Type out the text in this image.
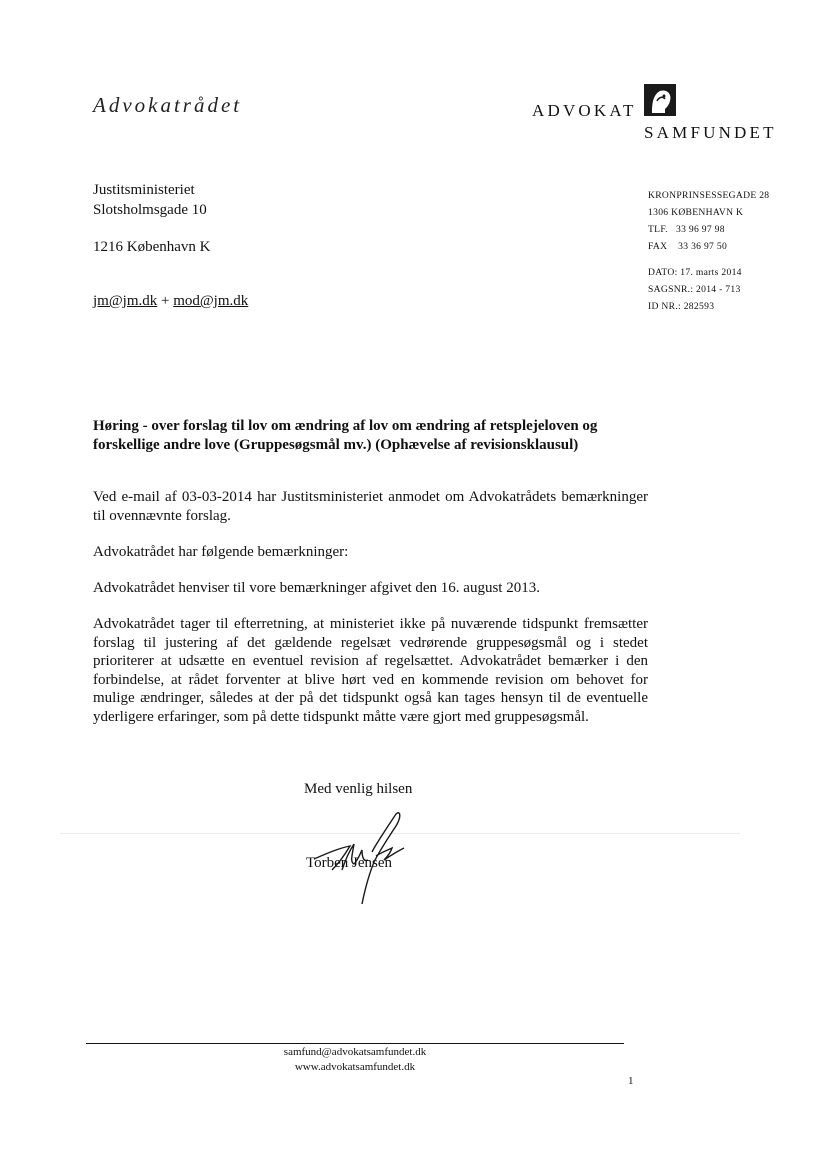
Advokatrådet	ADVOKAT
SAMFUNDET
Justitsministeriet
Slotsholmsgade 10
1216 København K
jm@jm.dk + mod@jm.dk
KRONPRINSESSEGADE 28
1306 KØBENHAVN K
TLF.   33 96 97 98
FAX    33 36 97 50
DATO: 17. marts 2014
SAGSNR.: 2014 - 713
ID NR.: 282593
Høring - over forslag til lov om ændring af lov om ændring af retsplejeloven og forskellige andre love (Gruppesøgsmål mv.) (Ophævelse af revisionsklausul)
Ved e-mail af 03-03-2014 har Justitsministeriet anmodet om Advokatrådets bemærkninger til ovennævnte forslag.
Advokatrådet har følgende bemærkninger:
Advokatrådet henviser til vore bemærkninger afgivet den 16. august 2013.
Advokatrådet tager til efterretning, at ministeriet ikke på nuværende tidspunkt fremsætter forslag til justering af det gældende regelsæt vedrørende gruppesøgsmål og i stedet prioriterer at udsætte en eventuel revision af regelsættet. Advokatrådet bemærker i den forbindelse, at rådet forventer at blive hørt ved en kommende revision om behovet for mulige ændringer, således at der på det tidspunkt også kan tages hensyn til de eventuelle yderligere erfaringer, som på dette tidspunkt måtte være gjort med gruppesøgsmål.
Med venlig hilsen
Torben Jensen
samfund@advokatsamfundet.dk
www.advokatsamfundet.dk
1
